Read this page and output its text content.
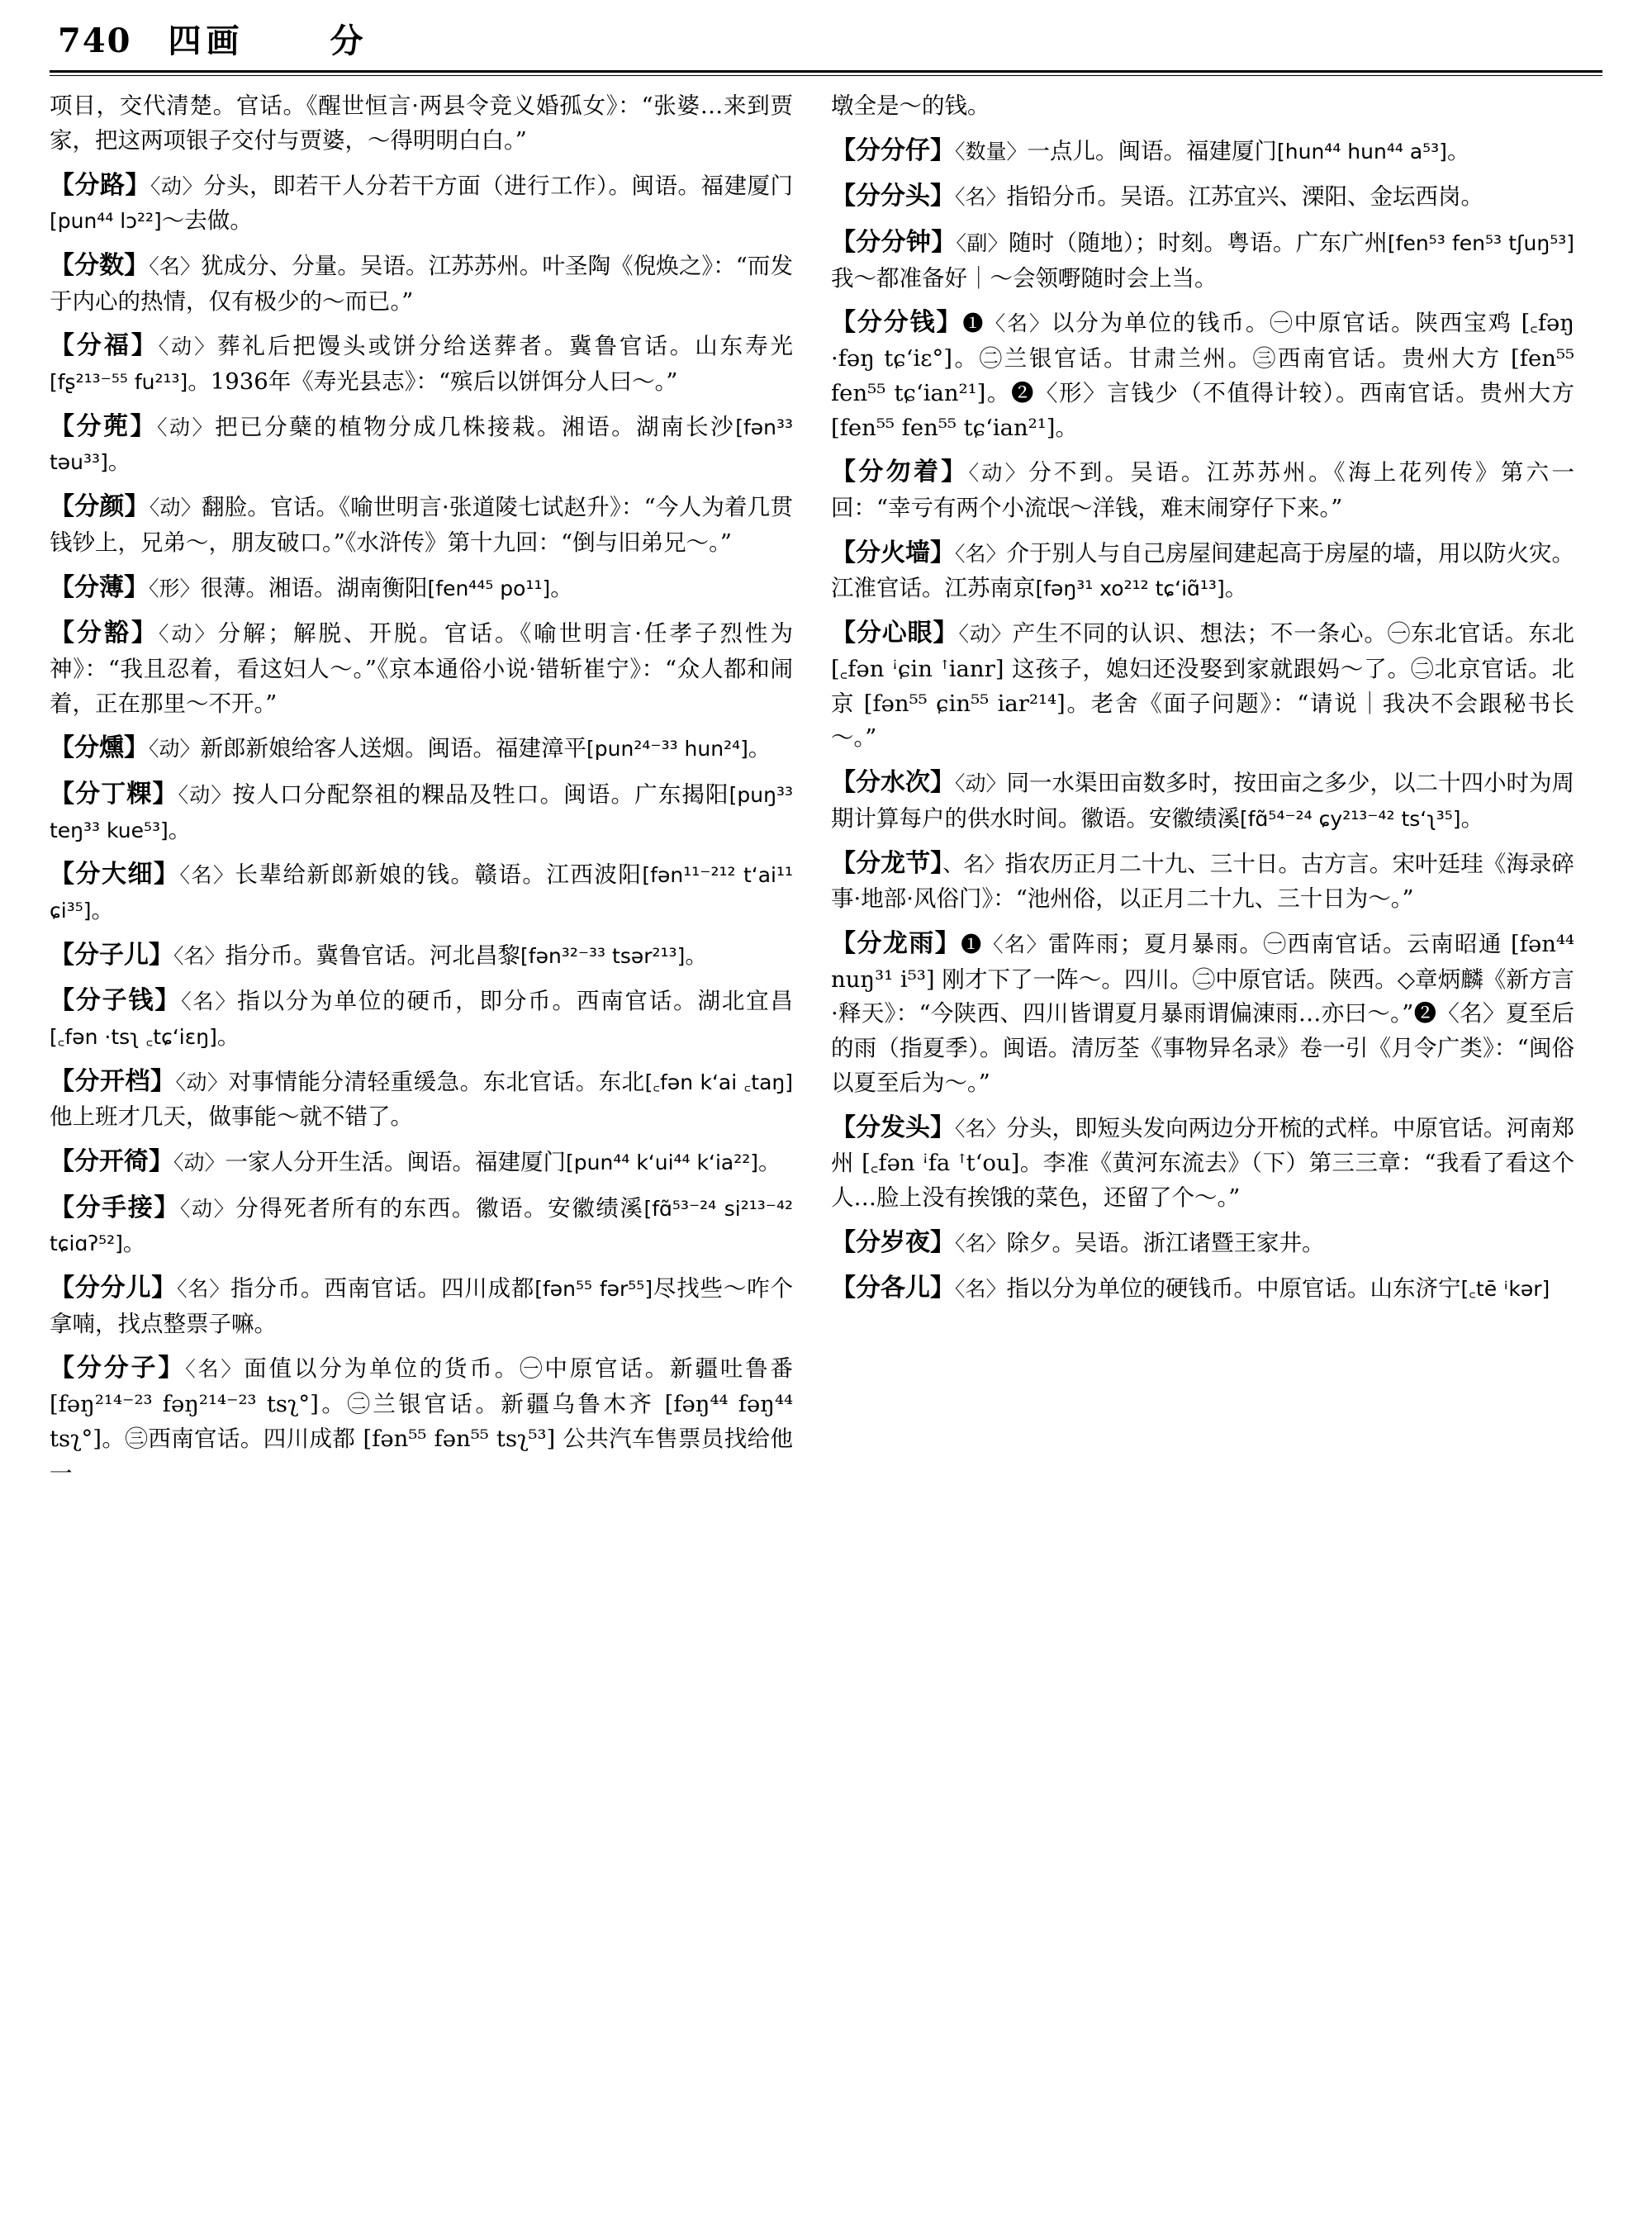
740 四画	分
项目，交代清楚。官话。《醒世恒言·两县令竞义婚孤女》：“张婆…来到贾家，把这两项银子交付与贾婆，～得明明白白。”
【分路】〈动〉分头，即若干人分若干方面（进行工作）。闽语。福建厦门[pun⁴⁴ lɔ²²]～去做。
【分数】〈名〉犹成分、分量。吴语。江苏苏州。叶圣陶《倪焕之》：“而发于内心的热情，仅有极少的～而已。”
【分福】〈动〉葬礼后把馒头或饼分给送葬者。冀鲁官话。山东寿光[fʂ²¹³⁻⁵⁵ fu²¹³]。1936年《寿光县志》：“殡后以饼饵分人曰～。”
【分蔸】〈动〉把已分蘖的植物分成几株接栽。湘语。湖南长沙[fən³³ təu³³]。
【分颜】〈动〉翻脸。官话。《喻世明言·张道陵七试赵升》：“今人为着几贯钱钞上，兄弟～，朋友破口。”《水浒传》第十九回：“倒与旧弟兄～。”
【分薄】〈形〉很薄。湘语。湖南衡阳[fen⁴⁴⁵ po¹¹]。
【分豁】〈动〉分解；解脱、开脱。官话。《喻世明言·任孝子烈性为神》：“我且忍着，看这妇人～。”《京本通俗小说·错斩崔宁》：“众人都和闹着，正在那里～不开。”
【分燻】〈动〉新郎新娘给客人送烟。闽语。福建漳平[pun²⁴⁻³³ hun²⁴]。
【分丁粿】〈动〉按人口分配祭祖的粿品及牲口。闽语。广东揭阳[puŋ³³ teŋ³³ kue⁵³]。
【分大细】〈名〉长辈给新郎新娘的钱。赣语。江西波阳[fən¹¹⁻²¹² tʻai¹¹ ɕi³⁵]。
【分子儿】〈名〉指分币。冀鲁官话。河北昌黎[fən³²⁻³³ tsər²¹³]。
【分子钱】〈名〉指以分为单位的硬币，即分币。西南官话。湖北宜昌[꜀fən ·tsʅ ꜀tɕʻiɛŋ]。
【分开档】〈动〉对事情能分清轻重缓急。东北官话。东北[꜀fən kʻai ꜀taŋ]他上班才几天，做事能～就不错了。
【分开徛】〈动〉一家人分开生活。闽语。福建厦门[pun⁴⁴ kʻui⁴⁴ kʻia²²]。
【分手接】〈动〉分得死者所有的东西。徽语。安徽绩溪[fɑ̃⁵³⁻²⁴ si²¹³⁻⁴² tɕiɑʔ⁵²]。
【分分儿】〈名〉指分币。西南官话。四川成都[fən⁵⁵ fər⁵⁵]尽找些～咋个拿喃，找点整票子嘛。
【分分子】〈名〉面值以分为单位的货币。㊀中原官话。新疆吐鲁番[fəŋ²¹⁴⁻²³ fəŋ²¹⁴⁻²³ tsʅ°]。㊁兰银官话。新疆乌鲁木齐 [fəŋ⁴⁴ fəŋ⁴⁴ tsʅ°]。㊂西南官话。四川成都 [fən⁵⁵ fən⁵⁵ tsʅ⁵³] 公共汽车售票员找给他一
墩全是～的钱。
【分分仔】〈数量〉一点儿。闽语。福建厦门[hun⁴⁴ hun⁴⁴ a⁵³]。
【分分头】〈名〉指铅分币。吴语。江苏宜兴、溧阳、金坛西岗。
【分分钟】〈副〉随时（随地）；时刻。粤语。广东广州[fen⁵³ fen⁵³ tʃuŋ⁵³]我～都准备好｜～会领嘢随时会上当。
【分分钱】❶〈名〉以分为单位的钱币。㊀中原官话。陕西宝鸡 [꜀fəŋ ·fəŋ tɕʻiɛ°]。㊁兰银官话。甘肃兰州。㊂西南官话。贵州大方 [fen⁵⁵ fen⁵⁵ tɕʻian²¹]。❷〈形〉言钱少（不值得计较）。西南官话。贵州大方 [fen⁵⁵ fen⁵⁵ tɕʻian²¹]。
【分勿着】〈动〉分不到。吴语。江苏苏州。《海上花列传》第六一回：“幸亏有两个小流氓～洋钱，难末闹穿仔下来。”
【分火墙】〈名〉介于别人与自己房屋间建起高于房屋的墙，用以防火灾。江淮官话。江苏南京[fəŋ³¹ xo²¹² tɕʻiɑ̃¹³]。
【分心眼】〈动〉产生不同的认识、想法；不一条心。㊀东北官话。东北[꜀fən ꜞɕin ꜛianr] 这孩子，媳妇还没娶到家就跟妈～了。㊁北京官话。北京 [fən⁵⁵ ɕin⁵⁵ iar²¹⁴]。老舍《面子问题》：“请说｜我决不会跟秘书长～。”
【分水次】〈动〉同一水渠田亩数多时，按田亩之多少，以二十四小时为周期计算每户的供水时间。徽语。安徽绩溪[fɑ̃⁵⁴⁻²⁴ ɕy²¹³⁻⁴² tsʻʅ³⁵]。
【分龙节】、名〉指农历正月二十九、三十日。古方言。宋叶廷珪《海录碎事·地部·风俗门》：“池州俗，以正月二十九、三十日为～。”
【分龙雨】❶〈名〉雷阵雨；夏月暴雨。㊀西南官话。云南昭通 [fən⁴⁴ nuŋ³¹ i⁵³] 刚才下了一阵～。四川。㊁中原官话。陕西。◇章炳麟《新方言·释天》：“今陕西、四川皆谓夏月暴雨谓偏涷雨…亦曰～。”❷〈名〉夏至后的雨（指夏季）。闽语。清厉荃《事物异名录》卷一引《月令广类》：“闽俗以夏至后为～。”
【分发头】〈名〉分头，即短头发向两边分开梳的式样。中原官话。河南郑州 [꜀fən ꜞfa ꜛtʻou]。李准《黄河东流去》（下）第三三章：“我看了看这个人…脸上没有挨饿的菜色，还留了个～。”
【分岁夜】〈名〉除夕。吴语。浙江诸暨王家井。
【分各儿】〈名〉指以分为单位的硬钱币。中原官话。山东济宁[꜀tē ꜞkər]
